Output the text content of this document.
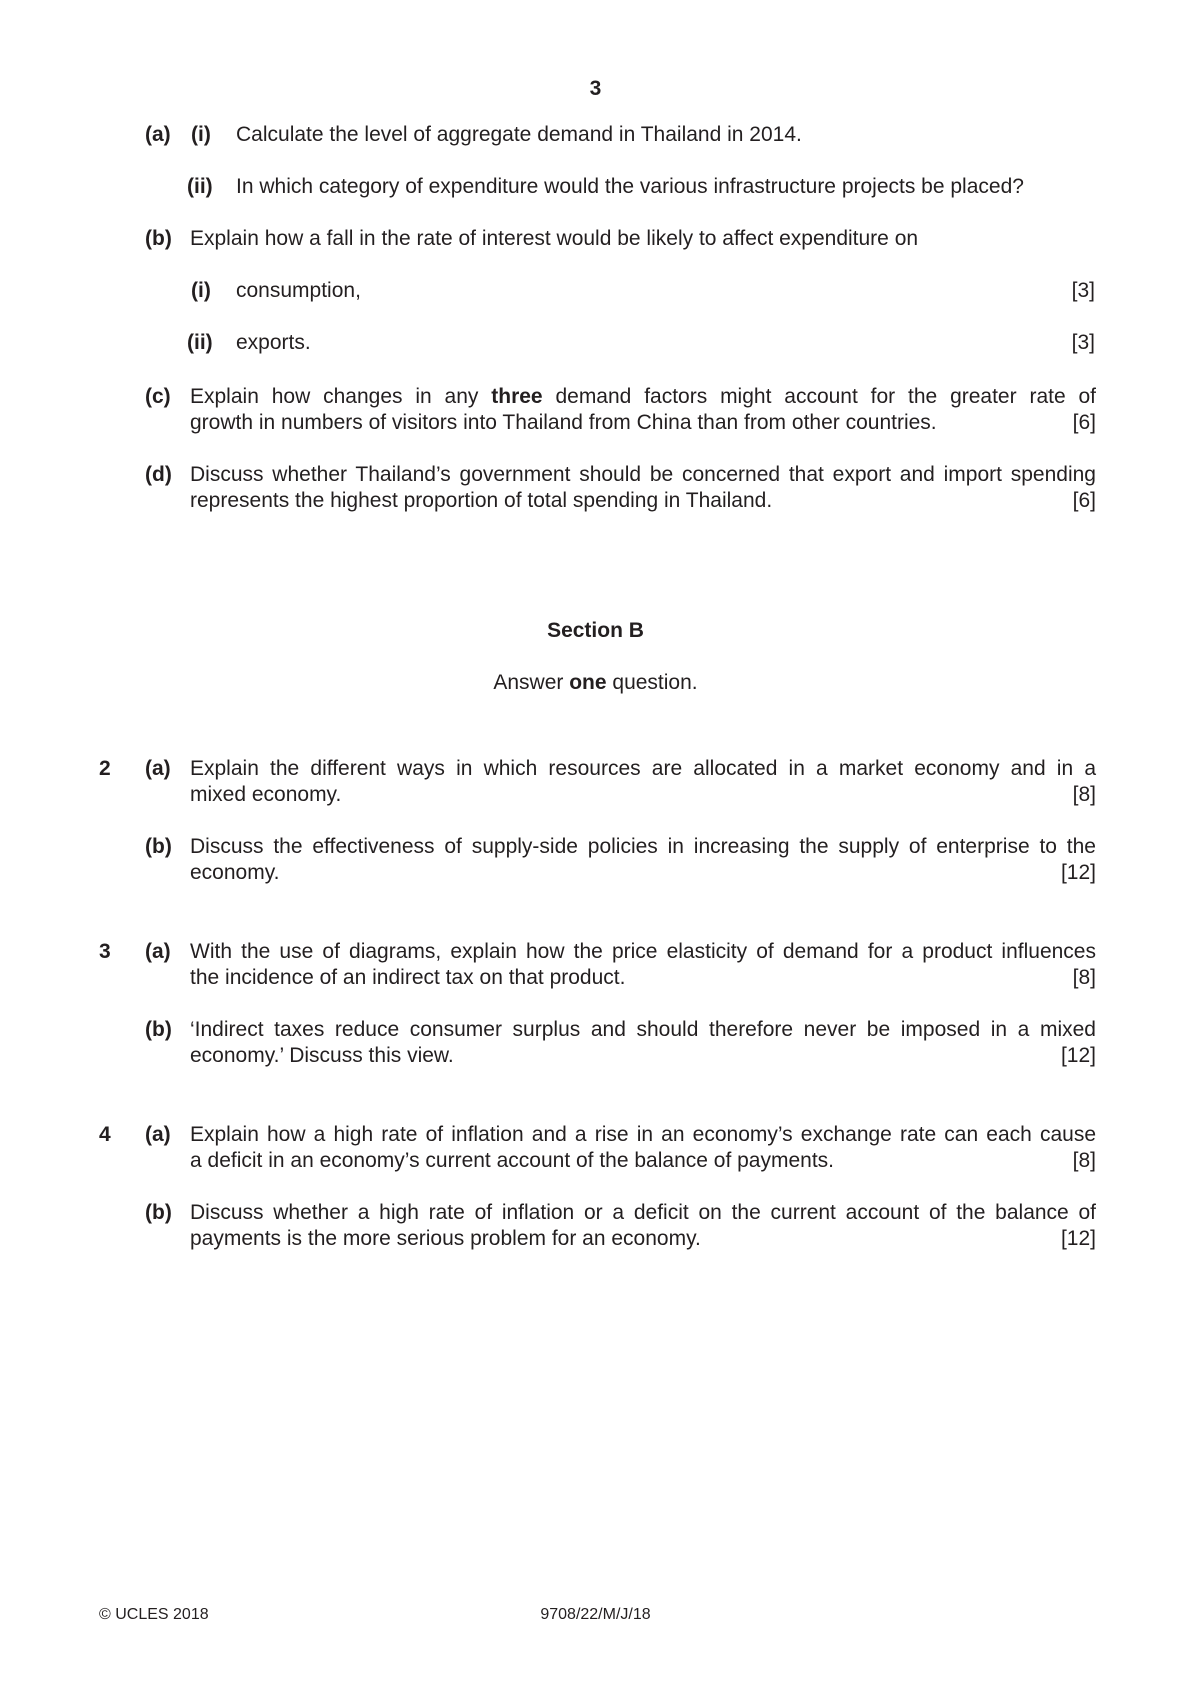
3
(a) (i) Calculate the level of aggregate demand in Thailand in 2014.
(ii) In which category of expenditure would the various infrastructure projects be placed?
(b) Explain how a fall in the rate of interest would be likely to affect expenditure on
(i) consumption,	[3]
(ii) exports.	[3]
(c) Explain how changes in any three demand factors might account for the greater rate of
growth in numbers of visitors into Thailand from China than from other countries.	[6]
(d) Discuss whether Thailand’s government should be concerned that export and import spending
represents the highest proportion of total spending in Thailand.	[6]
Section B
Answer one question.
2 (a) Explain the different ways in which resources are allocated in a market economy and in a
mixed economy.	[8]
(b) Discuss the effectiveness of supply-side policies in increasing the supply of enterprise to the
economy.	[12]
3 (a) With the use of diagrams, explain how the price elasticity of demand for a product influences
the incidence of an indirect tax on that product.	[8]
(b) ‘Indirect taxes reduce consumer surplus and should therefore never be imposed in a mixed
economy.’ Discuss this view.	[12]
4 (a) Explain how a high rate of inflation and a rise in an economy’s exchange rate can each cause
a deficit in an economy’s current account of the balance of payments.	[8]
(b) Discuss whether a high rate of inflation or a deficit on the current account of the balance of
payments is the more serious problem for an economy.	[12]
© UCLES 2018	9708/22/M/J/18
